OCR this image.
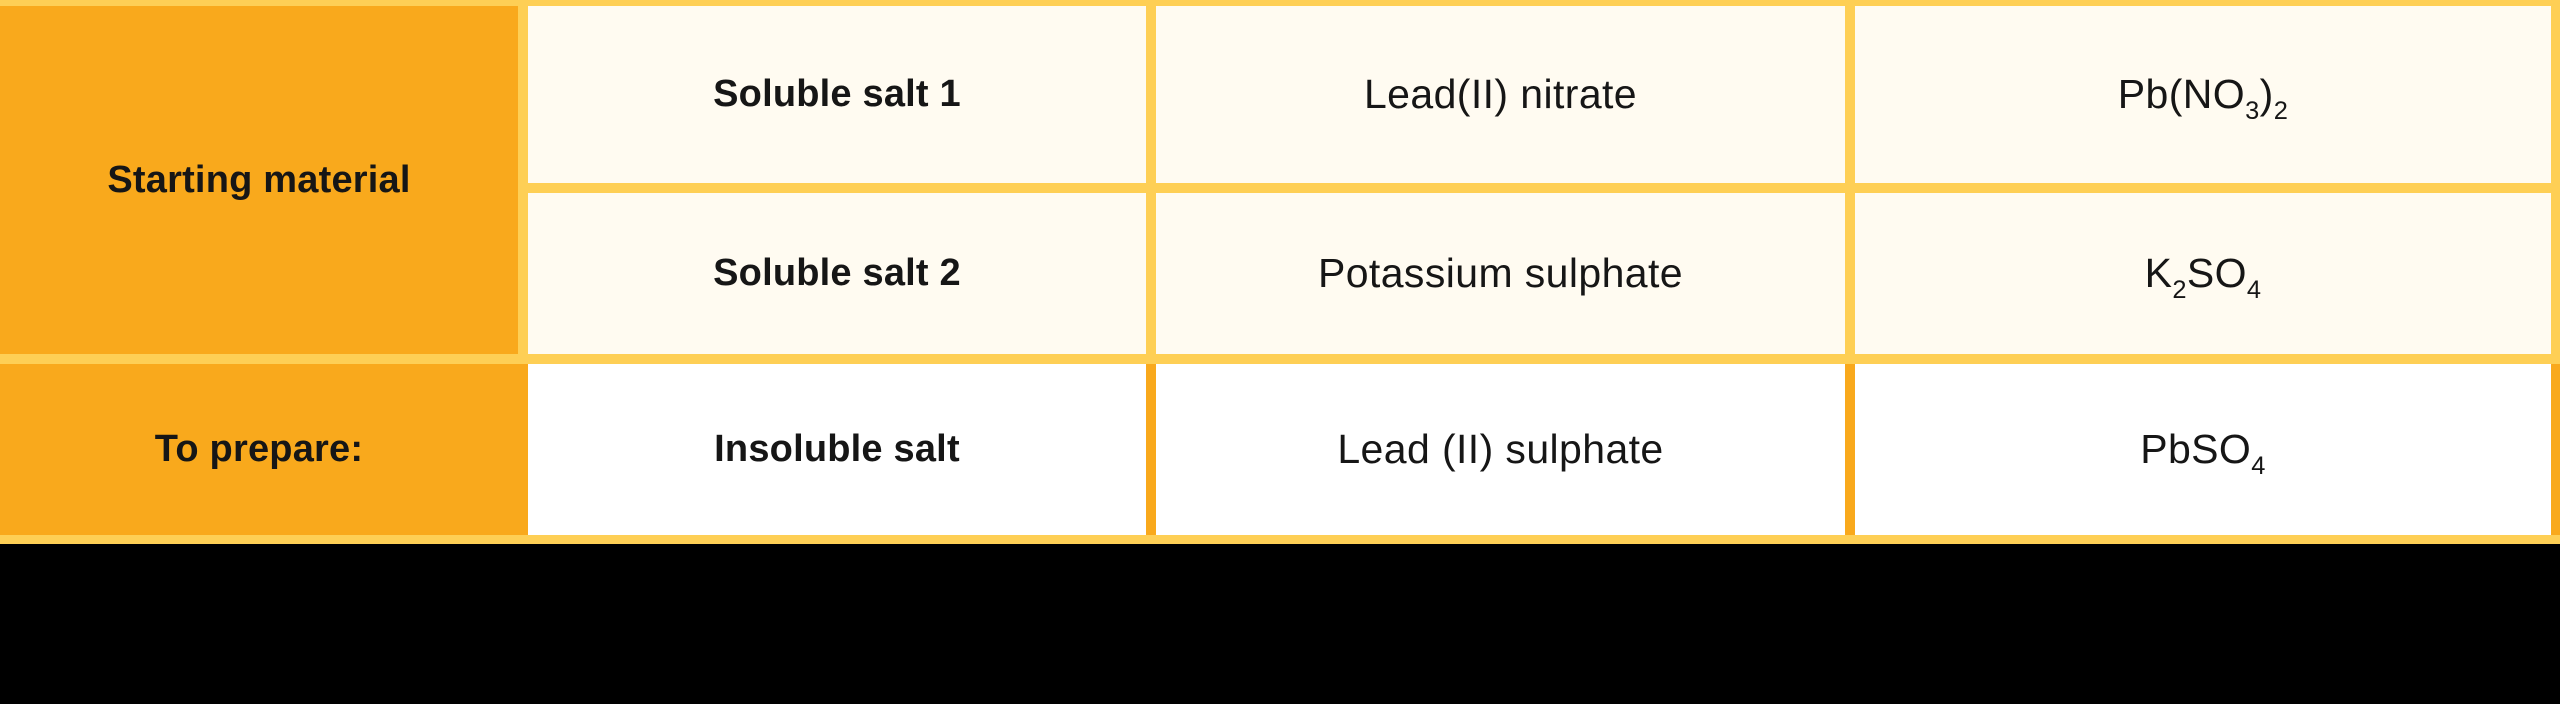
Starting material
Soluble salt 1	Lead(II) nitrate	$Pb(NO_3)_2$
Soluble salt 2	Potassium sulphate	$K_2SO_4$
To prepare:	Insoluble salt	Lead (II) sulphate	PbSO$_4$
